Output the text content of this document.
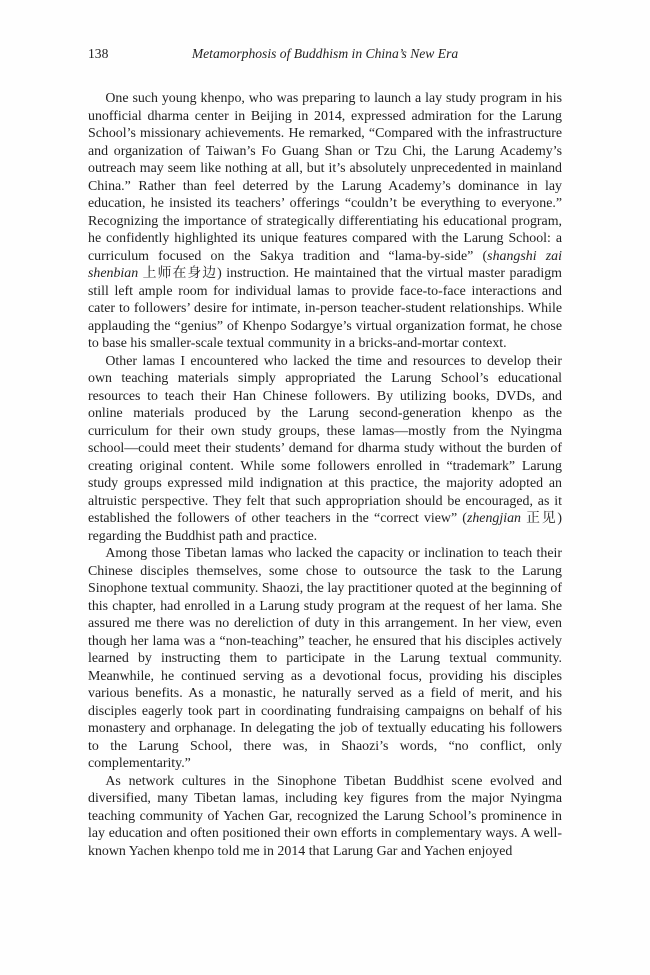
138	Metamorphosis of Buddhism in China’s New Era

One such young khenpo, who was preparing to launch a lay study program in his unofficial dharma center in Beijing in 2014, expressed admiration for the Larung School’s missionary achievements. He remarked, “Compared with the infrastructure and organization of Taiwan’s Fo Guang Shan or Tzu Chi, the Larung Academy’s outreach may seem like nothing at all, but it’s absolutely unprecedented in mainland China.” Rather than feel deterred by the Larung Academy’s dominance in lay education, he insisted its teachers’ offerings “couldn’t be everything to everyone.” Recognizing the importance of strategically differentiating his educational program, he confidently highlighted its unique features compared with the Larung School: a curriculum focused on the Sakya tradition and “lama-by-side” (shangshi zai shenbian 上师在身边) instruction. He maintained that the virtual master paradigm still left ample room for individual lamas to provide face-to-face interactions and cater to followers’ desire for intimate, in-person teacher-student relationships. While applauding the “genius” of Khenpo Sodargye’s virtual organization format, he chose to base his smaller-scale textual community in a bricks-and-mortar context.

Other lamas I encountered who lacked the time and resources to develop their own teaching materials simply appropriated the Larung School’s educational resources to teach their Han Chinese followers. By utilizing books, DVDs, and online materials produced by the Larung second-generation khenpo as the curriculum for their own study groups, these lamas—mostly from the Nyingma school—could meet their students’ demand for dharma study without the burden of creating original content. While some followers enrolled in “trademark” Larung study groups expressed mild indignation at this practice, the majority adopted an altruistic perspective. They felt that such appropriation should be encouraged, as it established the followers of other teachers in the “correct view” (zhengjian 正见) regarding the Buddhist path and practice.

Among those Tibetan lamas who lacked the capacity or inclination to teach their Chinese disciples themselves, some chose to outsource the task to the Larung Sinophone textual community. Shaozi, the lay practitioner quoted at the beginning of this chapter, had enrolled in a Larung study program at the request of her lama. She assured me there was no dereliction of duty in this arrangement. In her view, even though her lama was a “non-teaching” teacher, he ensured that his disciples actively learned by instructing them to participate in the Larung textual community. Meanwhile, he continued serving as a devotional focus, providing his disciples various benefits. As a monastic, he naturally served as a field of merit, and his disciples eagerly took part in coordinating fundraising campaigns on behalf of his monastery and orphanage. In delegating the job of textually educating his followers to the Larung School, there was, in Shaozi’s words, “no conflict, only complementarity.”

As network cultures in the Sinophone Tibetan Buddhist scene evolved and diversified, many Tibetan lamas, including key figures from the major Nyingma teaching community of Yachen Gar, recognized the Larung School’s prominence in lay education and often positioned their own efforts in complementary ways. A well-known Yachen khenpo told me in 2014 that Larung Gar and Yachen enjoyed
